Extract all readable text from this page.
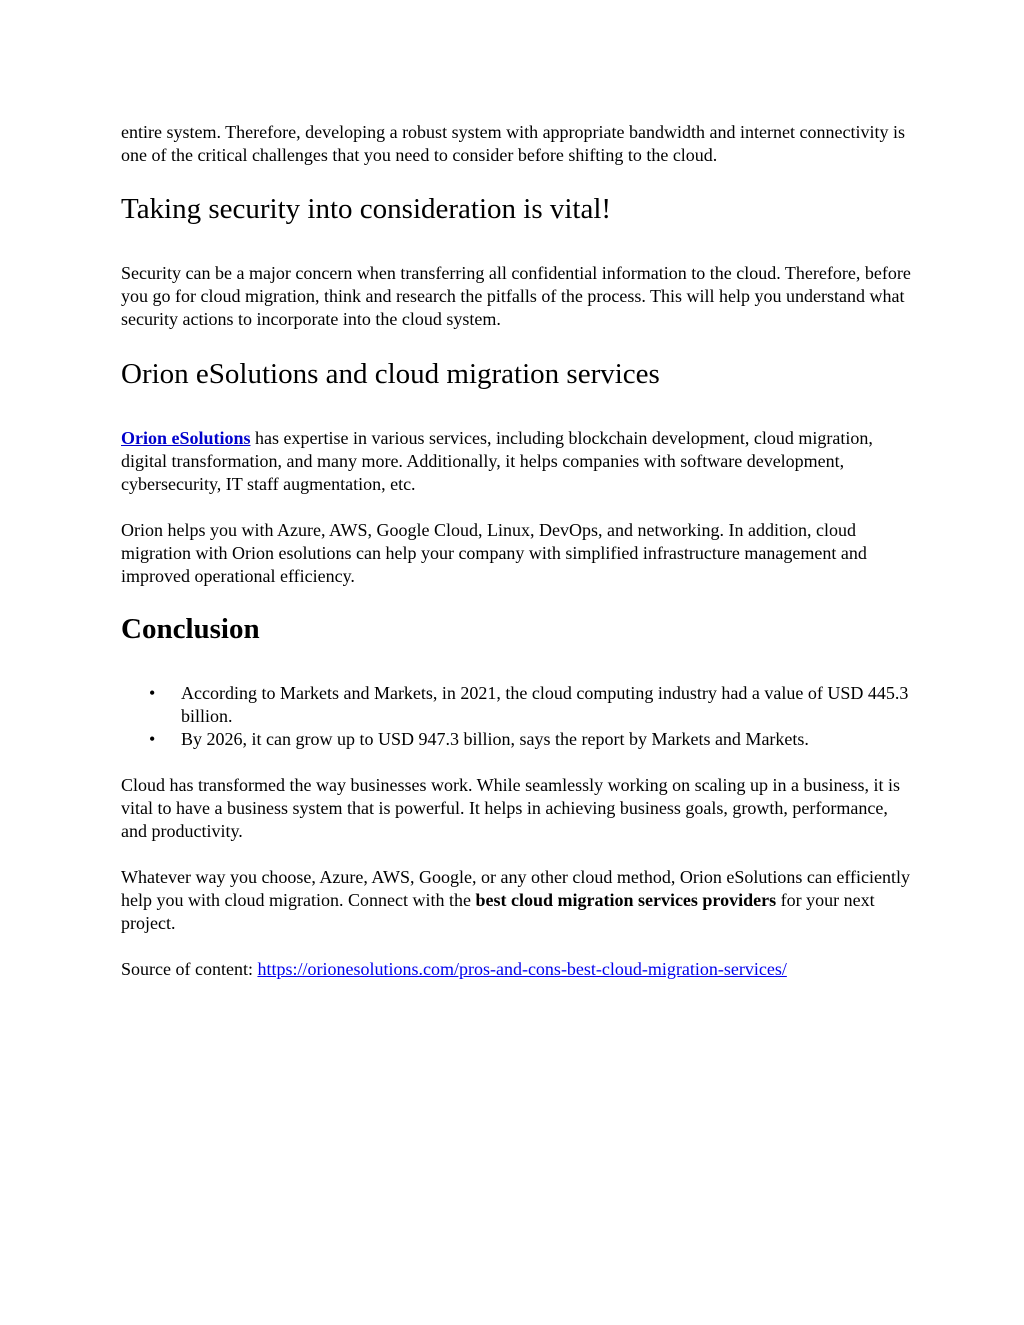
entire system. Therefore, developing a robust system with appropriate bandwidth and internet connectivity is one of the critical challenges that you need to consider before shifting to the cloud.

Taking security into consideration is vital!

Security can be a major concern when transferring all confidential information to the cloud. Therefore, before you go for cloud migration, think and research the pitfalls of the process. This will help you understand what security actions to incorporate into the cloud system.

Orion eSolutions and cloud migration services

Orion eSolutions has expertise in various services, including blockchain development, cloud migration, digital transformation, and many more. Additionally, it helps companies with software development, cybersecurity, IT staff augmentation, etc.

Orion helps you with Azure, AWS, Google Cloud, Linux, DevOps, and networking. In addition, cloud migration with Orion esolutions can help your company with simplified infrastructure management and improved operational efficiency.

Conclusion
• According to Markets and Markets, in 2021, the cloud computing industry had a value of USD 445.3 billion.
• By 2026, it can grow up to USD 947.3 billion, says the report by Markets and Markets.

Cloud has transformed the way businesses work. While seamlessly working on scaling up in a business, it is vital to have a business system that is powerful. It helps in achieving business goals, growth, performance, and productivity.

Whatever way you choose, Azure, AWS, Google, or any other cloud method, Orion eSolutions can efficiently help you with cloud migration. Connect with the best cloud migration services providers for your next project.

Source of content: https://orionesolutions.com/pros-and-cons-best-cloud-migration-services/
